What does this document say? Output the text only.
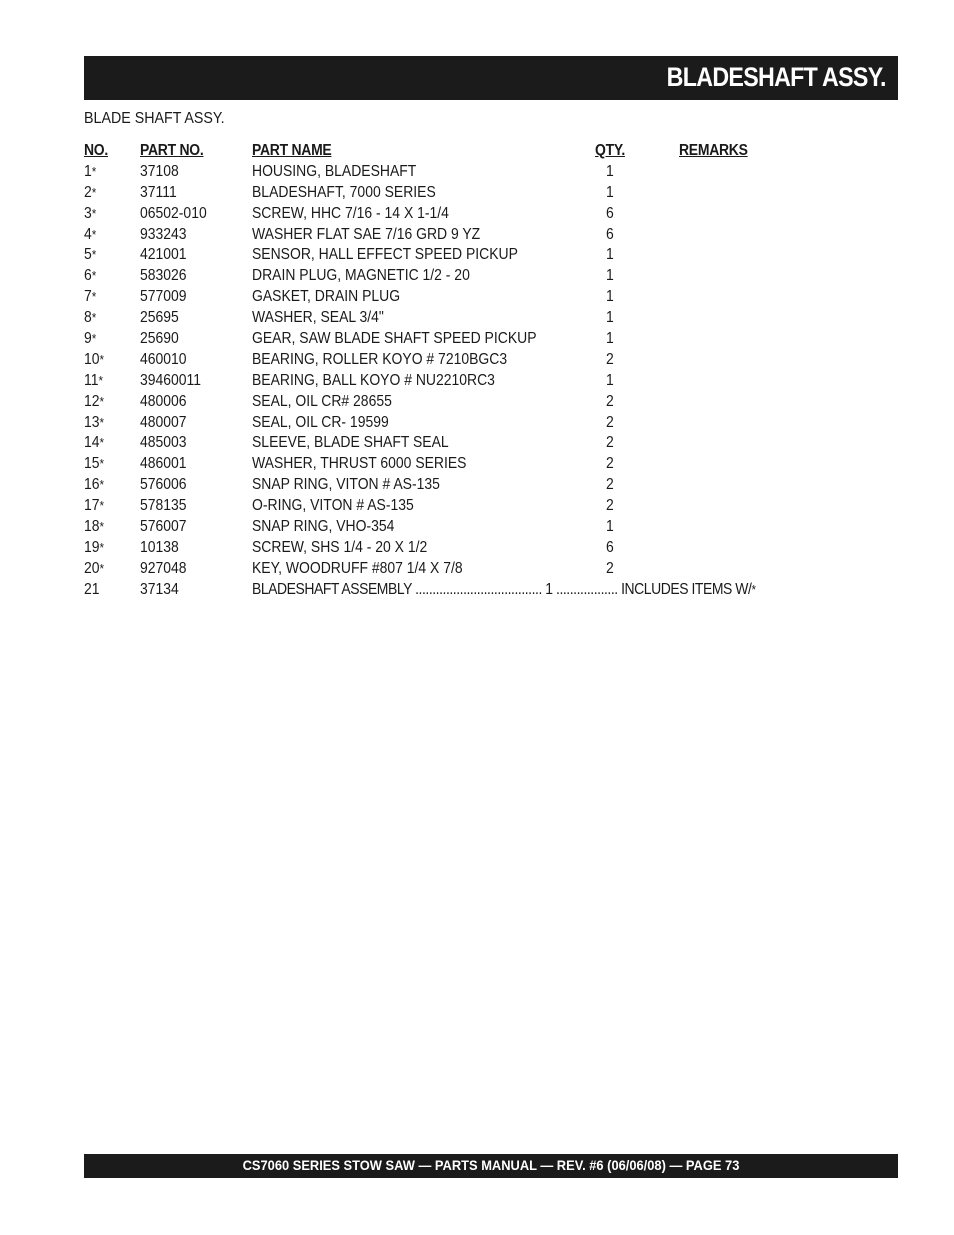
BLADESHAFT ASSY.
BLADE SHAFT ASSY.
NO. PART NO.	PART NAME	QTY.	REMARKS
1*	37108	HOUSING, BLADESHAFT	1
2*	37111	BLADESHAFT, 7000 SERIES	1
3*	06502-010	SCREW, HHC 7/16 - 14 X 1-1/4	6
4*	933243	WASHER FLAT SAE 7/16 GRD 9 YZ	6
5*	421001	SENSOR, HALL EFFECT SPEED PICKUP	1
6*	583026	DRAIN PLUG, MAGNETIC 1/2 - 20	1
7*	577009	GASKET, DRAIN PLUG	1
8*	25695	WASHER, SEAL 3/4"	1
9*	25690	GEAR, SAW BLADE SHAFT SPEED PICKUP	1
10* 460010	BEARING, ROLLER KOYO # 7210BGC3	2
11* 39460011	BEARING, BALL KOYO # NU2210RC3	1
12* 480006	SEAL, OIL CR# 28655	2
13* 480007	SEAL, OIL CR- 19599	2
14* 485003	SLEEVE, BLADE SHAFT SEAL	2
15* 486001	WASHER, THRUST 6000 SERIES	2
16* 576006	SNAP RING, VITON # AS-135	2
17* 578135	O-RING, VITON # AS-135	2
18* 576007	SNAP RING, VHO-354	1
19* 10138	SCREW, SHS 1/4 - 20 X 1/2	6
20* 927048	KEY, WOODRUFF #807 1/4 X 7/8	2
21	37134	BLADESHAFT ASSEMBLY ..................................... 1 .................. INCLUDES ITEMS W/*
CS7060 SERIES STOW SAW — PARTS MANUAL — REV. #6 (06/06/08) — PAGE 73
